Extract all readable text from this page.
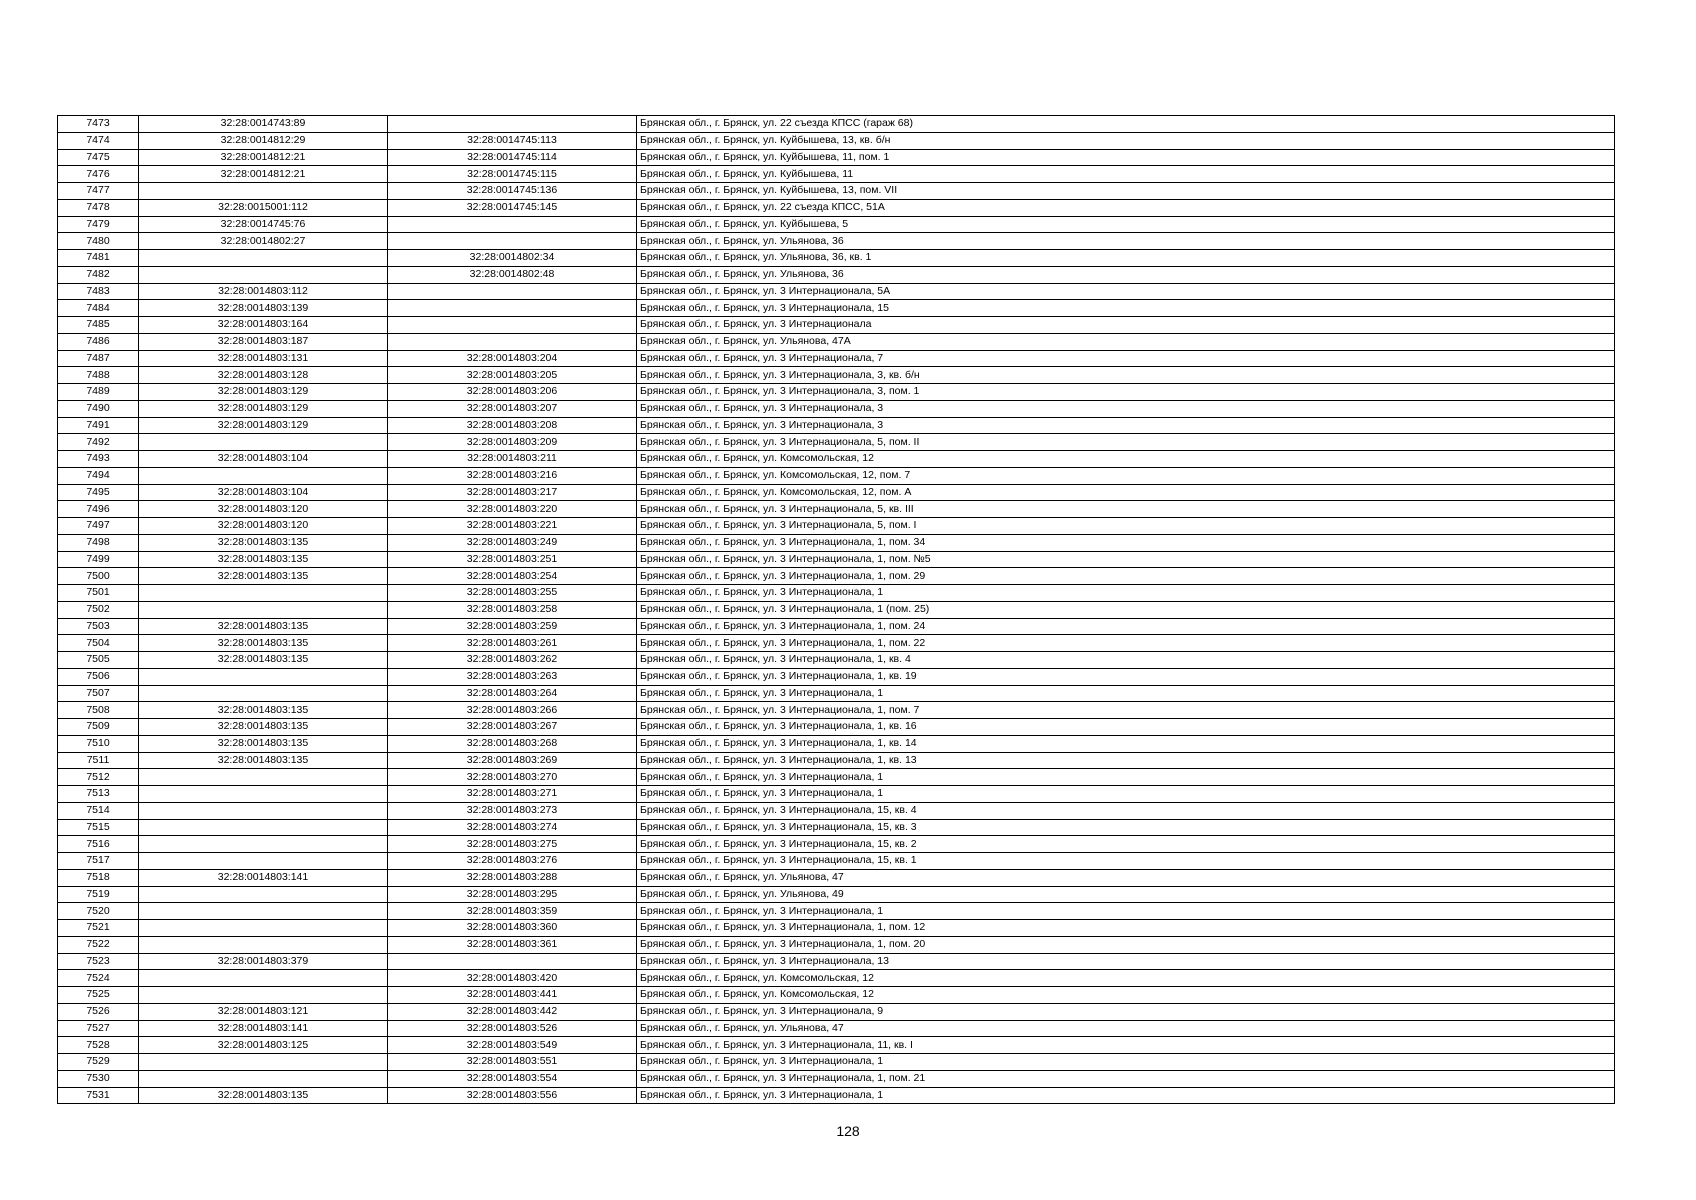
7473	32:28:0014743:89		Брянская обл., г. Брянск, ул. 22 съезда КПСС (гараж 68)
7474	32:28:0014812:29	32:28:0014745:113	Брянская обл., г. Брянск, ул. Куйбышева, 13, кв. б/н
7475	32:28:0014812:21	32:28:0014745:114	Брянская обл., г. Брянск, ул. Куйбышева, 11, пом. 1
7476	32:28:0014812:21	32:28:0014745:115	Брянская обл., г. Брянск, ул. Куйбышева, 11
7477		32:28:0014745:136	Брянская обл., г. Брянск, ул. Куйбышева, 13, пом. VII
7478	32:28:0015001:112	32:28:0014745:145	Брянская обл., г. Брянск, ул. 22 съезда КПСС, 51А
7479	32:28:0014745:76		Брянская обл., г. Брянск, ул. Куйбышева, 5
7480	32:28:0014802:27		Брянская обл., г. Брянск, ул. Ульянова, 36
7481		32:28:0014802:34	Брянская обл., г. Брянск, ул. Ульянова, 36, кв. 1
7482		32:28:0014802:48	Брянская обл., г. Брянск, ул. Ульянова, 36
7483	32:28:0014803:112		Брянская обл., г. Брянск, ул. 3 Интернационала, 5А
7484	32:28:0014803:139		Брянская обл., г. Брянск, ул. 3 Интернационала, 15
7485	32:28:0014803:164		Брянская обл., г. Брянск, ул. 3 Интернационала
7486	32:28:0014803:187		Брянская обл., г. Брянск, ул. Ульянова, 47А
7487	32:28:0014803:131	32:28:0014803:204	Брянская обл., г. Брянск, ул. 3 Интернационала, 7
7488	32:28:0014803:128	32:28:0014803:205	Брянская обл., г. Брянск, ул. 3 Интернационала, 3, кв. б/н
7489	32:28:0014803:129	32:28:0014803:206	Брянская обл., г. Брянск, ул. 3 Интернационала, 3, пом. 1
7490	32:28:0014803:129	32:28:0014803:207	Брянская обл., г. Брянск, ул. 3 Интернационала, 3
7491	32:28:0014803:129	32:28:0014803:208	Брянская обл., г. Брянск, ул. 3 Интернационала, 3
7492		32:28:0014803:209	Брянская обл., г. Брянск, ул. 3 Интернационала, 5, пом. II
7493	32:28:0014803:104	32:28:0014803:211	Брянская обл., г. Брянск, ул. Комсомольская, 12
7494		32:28:0014803:216	Брянская обл., г. Брянск, ул. Комсомольская, 12, пом. 7
7495	32:28:0014803:104	32:28:0014803:217	Брянская обл., г. Брянск, ул. Комсомольская, 12, пом. А
7496	32:28:0014803:120	32:28:0014803:220	Брянская обл., г. Брянск, ул. 3 Интернационала, 5, кв. III
7497	32:28:0014803:120	32:28:0014803:221	Брянская обл., г. Брянск, ул. 3 Интернационала, 5, пом. I
7498	32:28:0014803:135	32:28:0014803:249	Брянская обл., г. Брянск, ул. 3 Интернационала, 1, пом. 34
7499	32:28:0014803:135	32:28:0014803:251	Брянская обл., г. Брянск, ул. 3 Интернационала, 1, пом. №5
7500	32:28:0014803:135	32:28:0014803:254	Брянская обл., г. Брянск, ул. 3 Интернационала, 1, пом. 29
7501		32:28:0014803:255	Брянская обл., г. Брянск, ул. 3 Интернационала, 1
7502		32:28:0014803:258	Брянская обл., г. Брянск, ул. 3 Интернационала, 1 (пом. 25)
7503	32:28:0014803:135	32:28:0014803:259	Брянская обл., г. Брянск, ул. 3 Интернационала, 1, пом. 24
7504	32:28:0014803:135	32:28:0014803:261	Брянская обл., г. Брянск, ул. 3 Интернационала, 1, пом. 22
7505	32:28:0014803:135	32:28:0014803:262	Брянская обл., г. Брянск, ул. 3 Интернационала, 1, кв. 4
7506		32:28:0014803:263	Брянская обл., г. Брянск, ул. 3 Интернационала, 1, кв. 19
7507		32:28:0014803:264	Брянская обл., г. Брянск, ул. 3 Интернационала, 1
7508	32:28:0014803:135	32:28:0014803:266	Брянская обл., г. Брянск, ул. 3 Интернационала, 1, пом. 7
7509	32:28:0014803:135	32:28:0014803:267	Брянская обл., г. Брянск, ул. 3 Интернационала, 1, кв. 16
7510	32:28:0014803:135	32:28:0014803:268	Брянская обл., г. Брянск, ул. 3 Интернационала, 1, кв. 14
7511	32:28:0014803:135	32:28:0014803:269	Брянская обл., г. Брянск, ул. 3 Интернационала, 1, кв. 13
7512		32:28:0014803:270	Брянская обл., г. Брянск, ул. 3 Интернационала, 1
7513		32:28:0014803:271	Брянская обл., г. Брянск, ул. 3 Интернационала, 1
7514		32:28:0014803:273	Брянская обл., г. Брянск, ул. 3 Интернационала, 15, кв. 4
7515		32:28:0014803:274	Брянская обл., г. Брянск, ул. 3 Интернационала, 15, кв. 3
7516		32:28:0014803:275	Брянская обл., г. Брянск, ул. 3 Интернационала, 15, кв. 2
7517		32:28:0014803:276	Брянская обл., г. Брянск, ул. 3 Интернационала, 15, кв. 1
7518	32:28:0014803:141	32:28:0014803:288	Брянская обл., г. Брянск, ул. Ульянова, 47
7519		32:28:0014803:295	Брянская обл., г. Брянск, ул. Ульянова, 49
7520		32:28:0014803:359	Брянская обл., г. Брянск, ул. 3 Интернационала, 1
7521		32:28:0014803:360	Брянская обл., г. Брянск, ул. 3 Интернационала, 1, пом. 12
7522		32:28:0014803:361	Брянская обл., г. Брянск, ул. 3 Интернационала, 1, пом. 20
7523	32:28:0014803:379		Брянская обл., г. Брянск, ул. 3 Интернационала, 13
7524		32:28:0014803:420	Брянская обл., г. Брянск, ул. Комсомольская, 12
7525		32:28:0014803:441	Брянская обл., г. Брянск, ул. Комсомольская, 12
7526	32:28:0014803:121	32:28:0014803:442	Брянская обл., г. Брянск, ул. 3 Интернационала, 9
7527	32:28:0014803:141	32:28:0014803:526	Брянская обл., г. Брянск, ул. Ульянова, 47
7528	32:28:0014803:125	32:28:0014803:549	Брянская обл., г. Брянск, ул. 3 Интернационала, 11, кв. I
7529		32:28:0014803:551	Брянская обл., г. Брянск, ул. 3 Интернационала, 1
7530		32:28:0014803:554	Брянская обл., г. Брянск, ул. 3 Интернационала, 1, пом. 21
7531	32:28:0014803:135	32:28:0014803:556	Брянская обл., г. Брянск, ул. 3 Интернационала, 1
128
